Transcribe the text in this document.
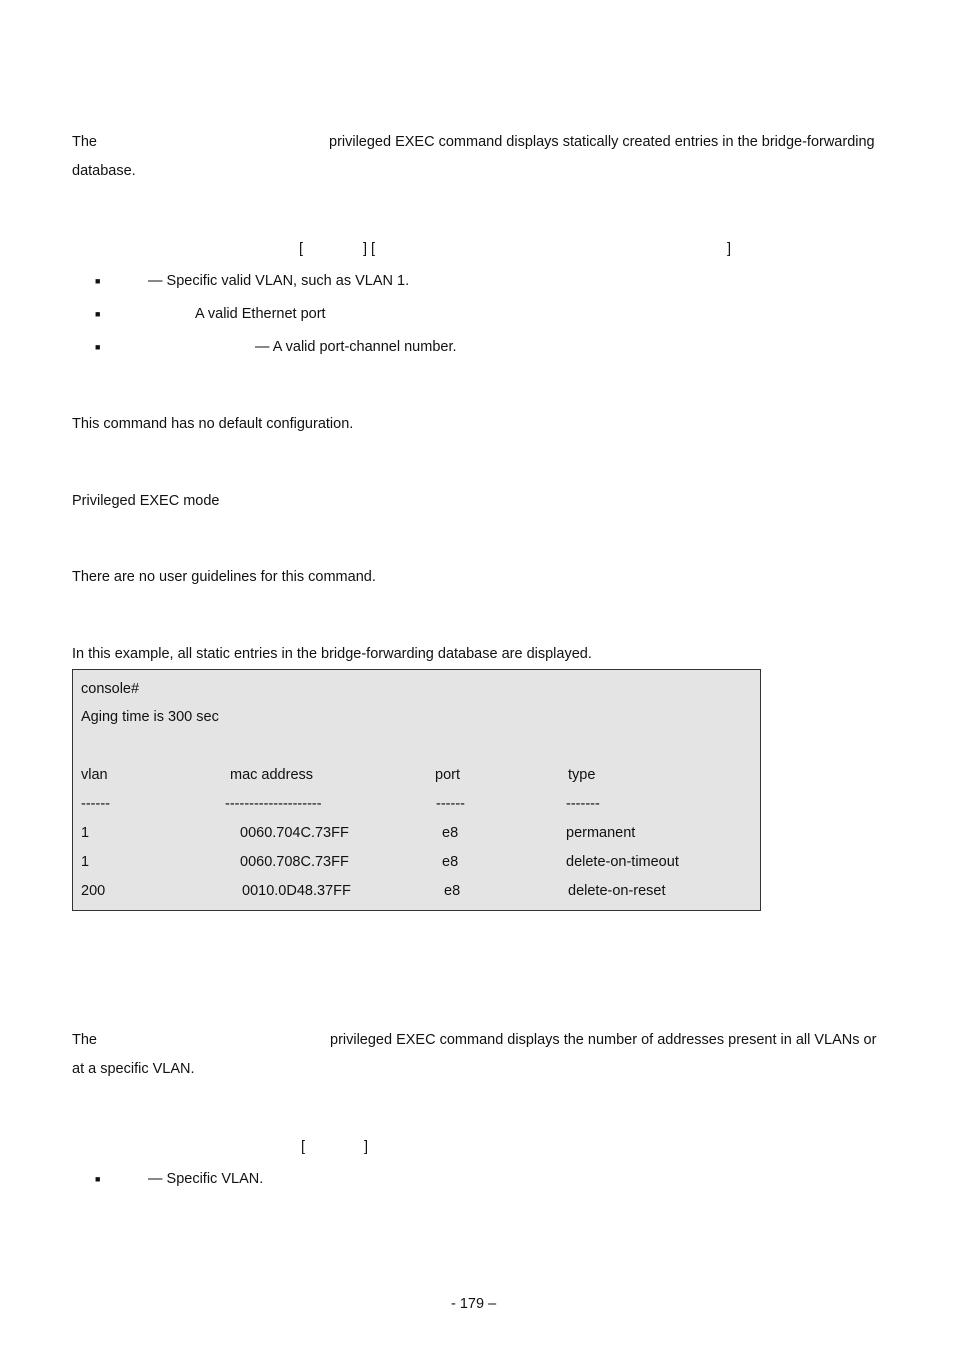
The	privileged EXEC command displays statically created entries in the bridge-forwarding
database.
[	] [	]
■	— Specific valid VLAN, such as VLAN 1.
■	A valid Ethernet port
■	— A valid port-channel number.
This command has no default configuration.
Privileged EXEC mode
There are no user guidelines for this command.
In this example, all static entries in the bridge-forwarding database are displayed.
console#
Aging time is 300 sec
vlan	mac address	port	type
------	--------------------	------	-------
1	0060.704C.73FF	e8	permanent
1	0060.708C.73FF	e8	delete-on-timeout
200	0010.0D48.37FF	e8	delete-on-reset
The	privileged EXEC command displays the number of addresses present in all VLANs or
at a specific VLAN.
[	]
■	— Specific VLAN.
- 179 –
